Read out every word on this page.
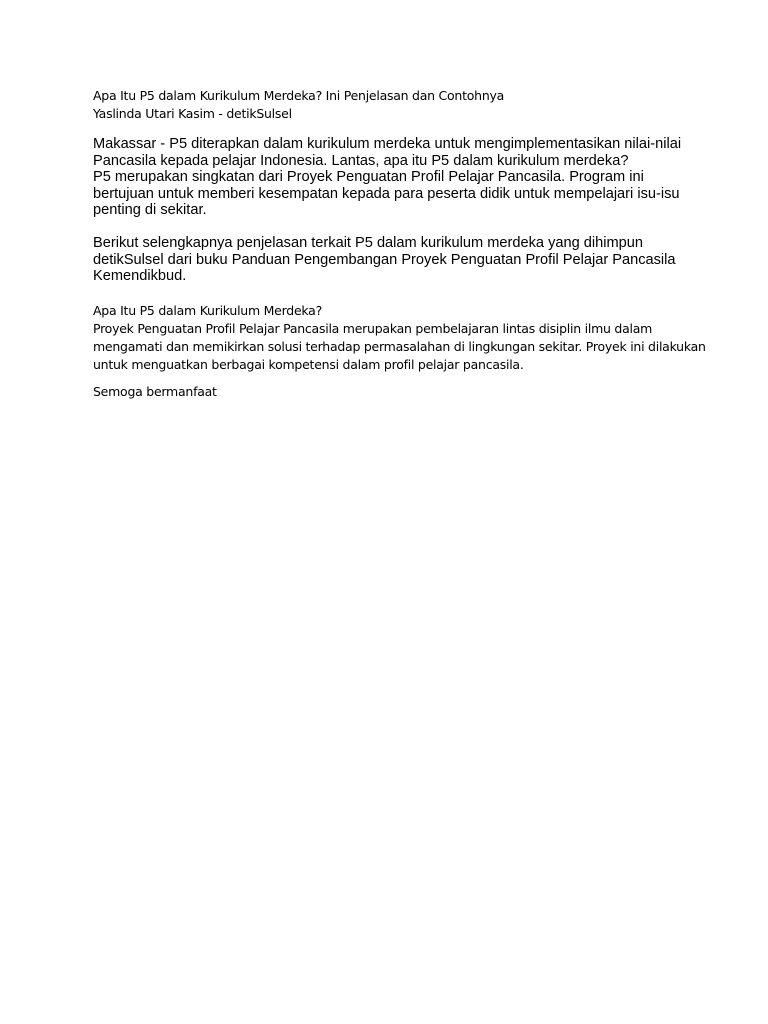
Apa Itu P5 dalam Kurikulum Merdeka? Ini Penjelasan dan Contohnya
Yaslinda Utari Kasim - detikSulsel
Makassar - P5 diterapkan dalam kurikulum merdeka untuk mengimplementasikan nilai-nilai
Pancasila kepada pelajar Indonesia. Lantas, apa itu P5 dalam kurikulum merdeka?
P5 merupakan singkatan dari Proyek Penguatan Profil Pelajar Pancasila. Program ini
bertujuan untuk memberi kesempatan kepada para peserta didik untuk mempelajari isu-isu
penting di sekitar.
Berikut selengkapnya penjelasan terkait P5 dalam kurikulum merdeka yang dihimpun
detikSulsel dari buku Panduan Pengembangan Proyek Penguatan Profil Pelajar Pancasila
Kemendikbud.
Apa Itu P5 dalam Kurikulum Merdeka?
Proyek Penguatan Profil Pelajar Pancasila merupakan pembelajaran lintas disiplin ilmu dalam
mengamati dan memikirkan solusi terhadap permasalahan di lingkungan sekitar. Proyek ini dilakukan
untuk menguatkan berbagai kompetensi dalam profil pelajar pancasila.
Semoga bermanfaat
